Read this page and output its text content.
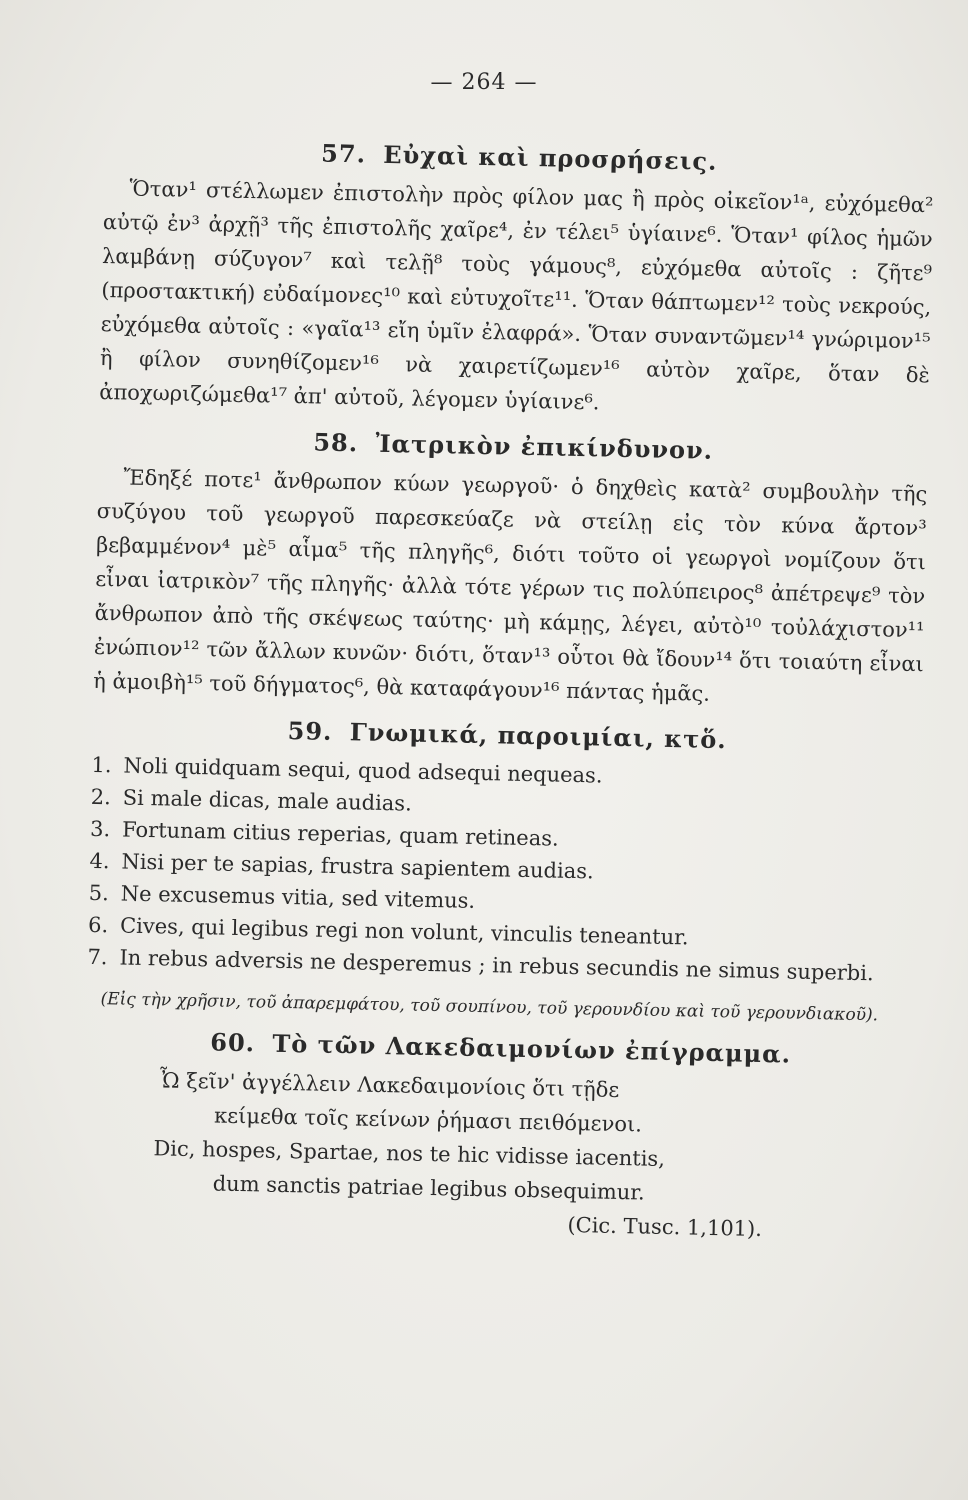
— 264 —
57. Εὐχαὶ καὶ προσρήσεις.

Ὅταν¹ στέλλωμεν ἐπιστολὴν πρὸς φίλον μας ἢ πρὸς οἰκεῖον¹ᵃ, εὐχόμεθα² αὐτῷ ἐν³ ἀρχῇ³ τῆς ἐπιστολῆς χαῖρε⁴, ἐν τέλει⁵ ὑγίαινε⁶. Ὅταν¹ φίλος ἡμῶν λαμβάνῃ σύζυγον⁷ καὶ τελῇ⁸ τοὺς γάμους⁸, εὐχόμεθα αὐτοῖς : ζῆτε⁹ (προστακτική) εὐδαίμονες¹⁰ καὶ εὐτυχοῖτε¹¹. Ὅταν θάπτωμεν¹² τοὺς νεκρούς, εὐχόμεθα αὐτοῖς : «γαῖα¹³ εἴη ὑμῖν ἐλαφρά». Ὅταν συναντῶμεν¹⁴ γνώριμον¹⁵ ἢ φίλον συνηθίζομεν¹⁶ νὰ χαιρετίζωμεν¹⁶ αὐτὸν χαῖρε, ὅταν δὲ ἀποχωριζώμεθα¹⁷ ἀπ' αὐτοῦ, λέγομεν ὑγίαινε⁶.

58. Ἰατρικὸν ἐπικίνδυνον.

Ἔδηξέ ποτε¹ ἄνθρωπον κύων γεωργοῦ· ὁ δηχθεὶς κατὰ² συμβουλὴν τῆς συζύγου τοῦ γεωργοῦ παρεσκεύαζε νὰ στείλῃ εἰς τὸν κύνα ἄρτον³ βεβαμμένον⁴ μὲ⁵ αἷμα⁵ τῆς πληγῆς⁶, διότι τοῦτο οἱ γεωργοὶ νομίζουν ὅτι εἶναι ἰατρικὸν⁷ τῆς πληγῆς· ἀλλὰ τότε γέρων τις πολύπειρος⁸ ἀπέτρεψε⁹ τὸν ἄνθρωπον ἀπὸ τῆς σκέψεως ταύτης· μὴ κάμῃς, λέγει, αὐτὸ¹⁰ τοὐλάχιστον¹¹ ἐνώπιον¹² τῶν ἄλλων κυνῶν· διότι, ὅταν¹³ οὗτοι θὰ ἴδουν¹⁴ ὅτι τοιαύτη εἶναι ἡ ἀμοιβὴ¹⁵ τοῦ δήγματος⁶, θὰ καταφάγουν¹⁶ πάντας ἡμᾶς.

59. Γνωμικά, παροιμίαι, κτὅ.
1. Noli quidquam sequi, quod adsequi nequeas.
2. Si male dicas, male audias.
3. Fortunam citius reperias, quam retineas.
4. Nisi per te sapias, frustra sapientem audias.
5. Ne excusemus vitia, sed vitemus.
6. Cives, qui legibus regi non volunt, vinculis teneantur.
7. In rebus adversis ne desperemus ; in rebus secundis ne simus superbi.
(Εἰς τὴν χρῆσιν, τοῦ ἀπαρεμφάτου, τοῦ σουπίνου, τοῦ γερουνδίου καὶ τοῦ γερουνδιακοῦ).
60. Τὸ τῶν Λακεδαιμονίων ἐπίγραμμα.
Ὦ ξεῖν' ἀγγέλλειν Λακεδαιμονίοις ὅτι τῇδε
κείμεθα τοῖς κείνων ῥήμασι πειθόμενοι.
Dic, hospes, Spartae, nos te hic vidisse iacentis,
dum sanctis patriae legibus obsequimur.
(Cic. Tusc. 1,101).
